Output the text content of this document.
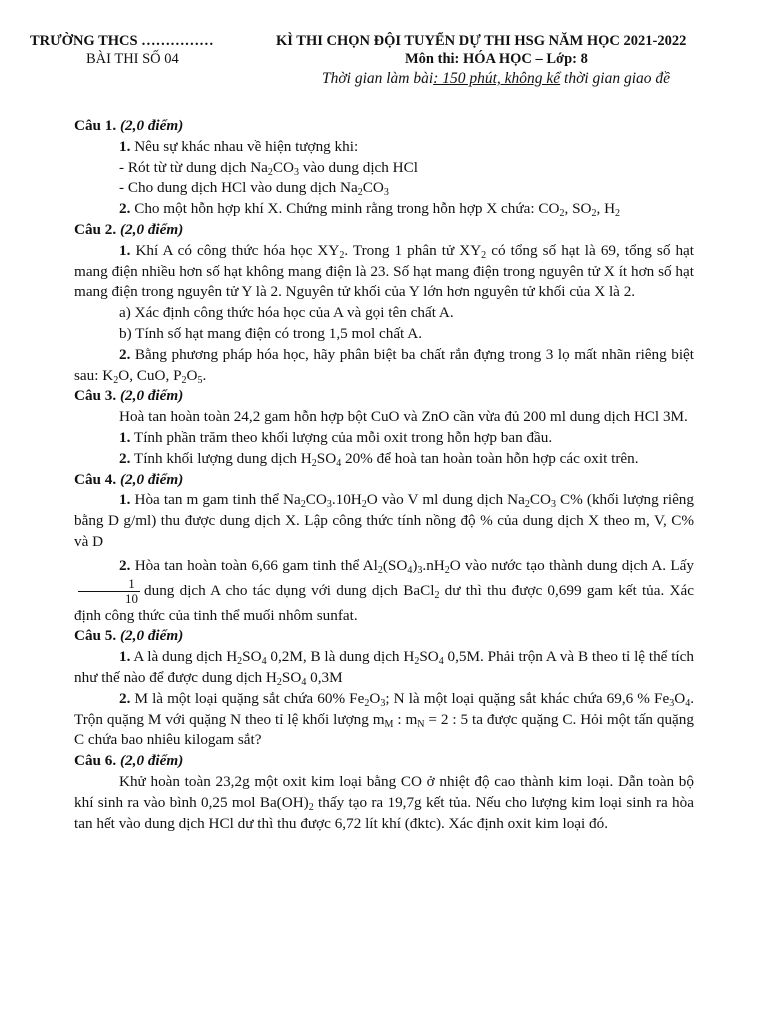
TRƯỜNG THCS ……………
BÀI THI SỐ 04
KÌ THI CHỌN ĐỘI TUYỂN DỰ THI HSG NĂM HỌC 2021-2022
Môn thi: HÓA HỌC – Lớp: 8
Thời gian làm bài: 150 phút, không kể thời gian giao đề

Câu 1. (2,0 điểm)

1. Nêu sự khác nhau về hiện tượng khi:

- Rót từ từ dung dịch $Na_2CO_3$ vào dung dịch HCl

- Cho dung dịch HCl vào dung dịch $Na_2CO_3$

2. Cho một hỗn hợp khí X. Chứng minh rằng trong hỗn hợp X chứa: $CO_2$, $SO_2$, $H_2$

Câu 2. (2,0 điểm)

1. Khí A có công thức hóa học $XY_2$. Trong 1 phân tử $XY_2$ có tổng số hạt là 69, tổng số hạt mang điện nhiều hơn số hạt không mang điện là 23. Số hạt mang điện trong nguyên tử X ít hơn số hạt mang điện trong nguyên tử Y là 2. Nguyên tử khối của Y lớn hơn nguyên tử khối của X là 2.

a) Xác định công thức hóa học của A và gọi tên chất A.

b) Tính số hạt mang điện có trong 1,5 mol chất A.

2. Bằng phương pháp hóa học, hãy phân biệt ba chất rắn đựng trong 3 lọ mất nhãn riêng biệt sau: $K_2O$, CuO, $P_2O_5$.

Câu 3. (2,0 điểm)

Hoà tan hoàn toàn 24,2 gam hỗn hợp bột CuO và ZnO cần vừa đủ 200 ml dung dịch HCl 3M.

1. Tính phần trăm theo khối lượng của mỗi oxit trong hỗn hợp ban đầu.

2. Tính khối lượng dung dịch $H_2SO_4$ 20% để hoà tan hoàn toàn hỗn hợp các oxit trên.

Câu 4. (2,0 điểm)

1. Hòa tan m gam tinh thể $Na_2CO_3.10H_2O$ vào V ml dung dịch $Na_2CO_3$ C% (khối lượng riêng bằng D g/ml) thu được dung dịch X. Lập công thức tính nồng độ % của dung dịch X theo m, V, C% và D

2. Hòa tan hoàn toàn 6,66 gam tinh thể $Al_2(SO_4)_3.nH_2O$ vào nước tạo thành dung dịch A. Lấy
$\frac{1}{10}$ dung dịch A cho tác dụng với dung dịch BaCl$_2$ dư thì thu được 0,699 gam kết tủa. Xác định công thức của tinh thể muối nhôm sunfat.

Câu 5. (2,0 điểm)

1. A là dung dịch $H_2SO_4$ 0,2M, B là dung dịch $H_2SO_4$ 0,5M. Phải trộn A và B theo tỉ lệ thể tích như thế nào để được dung dịch $H_2SO_4$ 0,3M

2. M là một loại quặng sắt chứa 60% $Fe_2O_3$; N là một loại quặng sắt khác chứa 69,6 % $Fe_3O_4$. Trộn quặng M với quặng N theo tỉ lệ khối lượng $m_M$ : $m_N = 2$ : 5 ta được quặng C. Hỏi một tấn quặng C chứa bao nhiêu kilogam sắt?

Câu 6. (2,0 điểm)

Khử hoàn toàn 23,2g một oxit kim loại bằng CO ở nhiệt độ cao thành kim loại. Dẫn toàn bộ khí sinh ra vào bình 0,25 mol $Ba(OH)_2$ thấy tạo ra 19,7g kết tủa. Nếu cho lượng kim loại sinh ra hòa tan hết vào dung dịch HCl dư thì thu được 6,72 lít khí (đktc). Xác định oxit kim loại đó.
